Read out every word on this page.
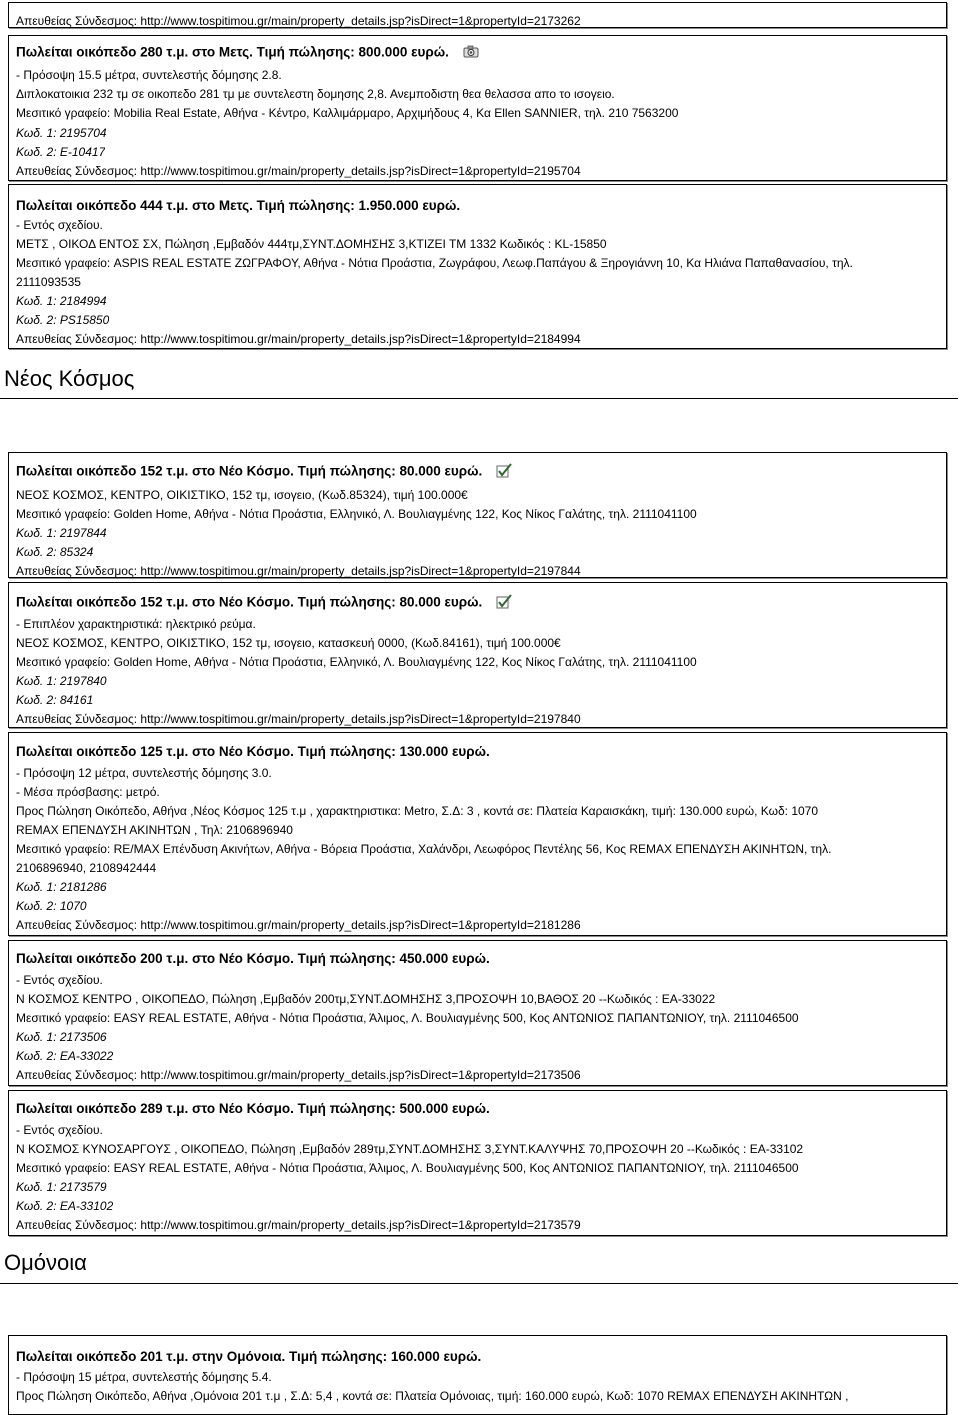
Απευθείας Σύνδεσμος: http://www.tospitimou.gr/main/property_details.jsp?isDirect=1&propertyId=2173262
Πωλείται οικόπεδο 280 τ.μ. στο Μετς. Τιμή πώλησης: 800.000 ευρώ.
- Πρόσοψη 15.5 μέτρα, συντελεστής δόμησης 2.8.
Διπλοκατοικια 232 τμ σε οικοπεδο 281 τμ με συντελεστη δομησης 2,8. Ανεμποδιστη θεα θελασσα απο το ισογειο.
Μεσιτικό γραφείο: Mobilia Real Estate, Αθήνα - Κέντρο, Καλλιμάρμαρο, Αρχιμήδους 4, Κα Ellen SANNIER, τηλ. 210 7563200
Κωδ. 1: 2195704
Κωδ. 2: E-10417
Απευθείας Σύνδεσμος: http://www.tospitimou.gr/main/property_details.jsp?isDirect=1&propertyId=2195704
Πωλείται οικόπεδο 444 τ.μ. στο Μετς. Τιμή πώλησης: 1.950.000 ευρώ.
- Εντός σχεδίου.
ΜΕΤΣ , ΟΙΚΟΔ ΕΝΤΟΣ ΣΧ, Πώληση ,Εμβαδόν 444τμ,ΣΥΝΤ.ΔΟΜΗΣΗΣ 3,ΚΤΙΖΕΙ ΤΜ 1332 Κωδικός : KL-15850
Μεσιτικό γραφείο: ASPIS REAL ESTATE ΖΩΓΡΑΦΟΥ, Αθήνα - Νότια Προάστια, Ζωγράφου, Λεωφ.Παπάγου & Ξηρογιάννη 10, Κα Ηλιάνα Παπαθανασίου, τηλ.
2111093535
Κωδ. 1: 2184994
Κωδ. 2: PS15850
Απευθείας Σύνδεσμος: http://www.tospitimou.gr/main/property_details.jsp?isDirect=1&propertyId=2184994
Νέος Κόσμος
Πωλείται οικόπεδο 152 τ.μ. στο Νέο Κόσμο. Τιμή πώλησης: 80.000 ευρώ.
ΝΕΟΣ ΚΟΣΜΟΣ, ΚΕΝΤΡΟ, ΟΙΚΙΣΤΙΚΟ, 152 τμ, ισογειο, (Κωδ.85324), τιμή 100.000€
Μεσιτικό γραφείο: Golden Home, Αθήνα - Νότια Προάστια, Ελληνικό, Λ. Βουλιαγμένης 122, Κος Νίκος Γαλάτης, τηλ. 2111041100
Κωδ. 1: 2197844
Κωδ. 2: 85324
Απευθείας Σύνδεσμος: http://www.tospitimou.gr/main/property_details.jsp?isDirect=1&propertyId=2197844
Πωλείται οικόπεδο 152 τ.μ. στο Νέο Κόσμο. Τιμή πώλησης: 80.000 ευρώ.
- Επιπλέον χαρακτηριστικά: ηλεκτρικό ρεύμα.
ΝΕΟΣ ΚΟΣΜΟΣ, ΚΕΝΤΡΟ, ΟΙΚΙΣΤΙΚΟ, 152 τμ, ισογειο, κατασκευή 0000, (Κωδ.84161), τιμή 100.000€
Μεσιτικό γραφείο: Golden Home, Αθήνα - Νότια Προάστια, Ελληνικό, Λ. Βουλιαγμένης 122, Κος Νίκος Γαλάτης, τηλ. 2111041100
Κωδ. 1: 2197840
Κωδ. 2: 84161
Απευθείας Σύνδεσμος: http://www.tospitimou.gr/main/property_details.jsp?isDirect=1&propertyId=2197840
Πωλείται οικόπεδο 125 τ.μ. στο Νέο Κόσμο. Τιμή πώλησης: 130.000 ευρώ.
- Πρόσοψη 12 μέτρα, συντελεστής δόμησης 3.0.
- Μέσα πρόσβασης: μετρό.
Προς Πώληση Οικόπεδο, Αθήνα ,Νέος Κόσμος 125 τ.μ , χαρακτηριστικα: Metro, Σ.Δ: 3 , κοντά σε: Πλατεία Καραισκάκη, τιμή: 130.000 ευρώ, Κωδ: 1070
REMAX ΕΠΕΝΔΥΣΗ ΑΚΙΝΗΤΩΝ , Τηλ: 2106896940
Μεσιτικό γραφείο: RE/MAX Επένδυση Ακινήτων, Αθήνα - Βόρεια Προάστια, Χαλάνδρι, Λεωφόρος Πεντέλης 56, Κος REMAX ΕΠΕΝΔΥΣΗ ΑΚΙΝΗΤΩΝ, τηλ.
2106896940, 2108942444
Κωδ. 1: 2181286
Κωδ. 2: 1070
Απευθείας Σύνδεσμος: http://www.tospitimou.gr/main/property_details.jsp?isDirect=1&propertyId=2181286
Πωλείται οικόπεδο 200 τ.μ. στο Νέο Κόσμο. Τιμή πώλησης: 450.000 ευρώ.
- Εντός σχεδίου.
Ν ΚΟΣΜΟΣ ΚΕΝΤΡΟ , ΟΙΚΟΠΕΔΟ, Πώληση ,Εμβαδόν 200τμ,ΣΥΝΤ.ΔΟΜΗΣΗΣ 3,ΠΡΟΣΟΨΗ 10,ΒΑΘΟΣ 20 --Κωδικός : ΕΑ-33022
Μεσιτικό γραφείο: EASY REAL ESTATE, Αθήνα - Νότια Προάστια, Άλιμος, Λ. Βουλιαγμένης 500, Κος ΑΝΤΩΝΙΟΣ ΠΑΠΑΝΤΩΝΙΟΥ, τηλ. 2111046500
Κωδ. 1: 2173506
Κωδ. 2: ΕΑ-33022
Απευθείας Σύνδεσμος: http://www.tospitimou.gr/main/property_details.jsp?isDirect=1&propertyId=2173506
Πωλείται οικόπεδο 289 τ.μ. στο Νέο Κόσμο. Τιμή πώλησης: 500.000 ευρώ.
- Εντός σχεδίου.
Ν ΚΟΣΜΟΣ ΚΥΝΟΣΑΡΓΟΥΣ , ΟΙΚΟΠΕΔΟ, Πώληση ,Εμβαδόν 289τμ,ΣΥΝΤ.ΔΟΜΗΣΗΣ 3,ΣΥΝΤ.ΚΑΛΥΨΗΣ 70,ΠΡΟΣΟΨΗ 20 --Κωδικός : ΕΑ-33102
Μεσιτικό γραφείο: EASY REAL ESTATE, Αθήνα - Νότια Προάστια, Άλιμος, Λ. Βουλιαγμένης 500, Κος ΑΝΤΩΝΙΟΣ ΠΑΠΑΝΤΩΝΙΟΥ, τηλ. 2111046500
Κωδ. 1: 2173579
Κωδ. 2: ΕΑ-33102
Απευθείας Σύνδεσμος: http://www.tospitimou.gr/main/property_details.jsp?isDirect=1&propertyId=2173579
Ομόνοια
Πωλείται οικόπεδο 201 τ.μ. στην Ομόνοια. Τιμή πώλησης: 160.000 ευρώ.
- Πρόσοψη 15 μέτρα, συντελεστής δόμησης 5.4.
Προς Πώληση Οικόπεδο, Αθήνα ,Ομόνοια 201 τ.μ , Σ.Δ: 5,4 , κοντά σε: Πλατεία Ομόνοιας, τιμή: 160.000 ευρώ, Κωδ: 1070 REMAX ΕΠΕΝΔΥΣΗ ΑΚΙΝΗΤΩΝ ,
